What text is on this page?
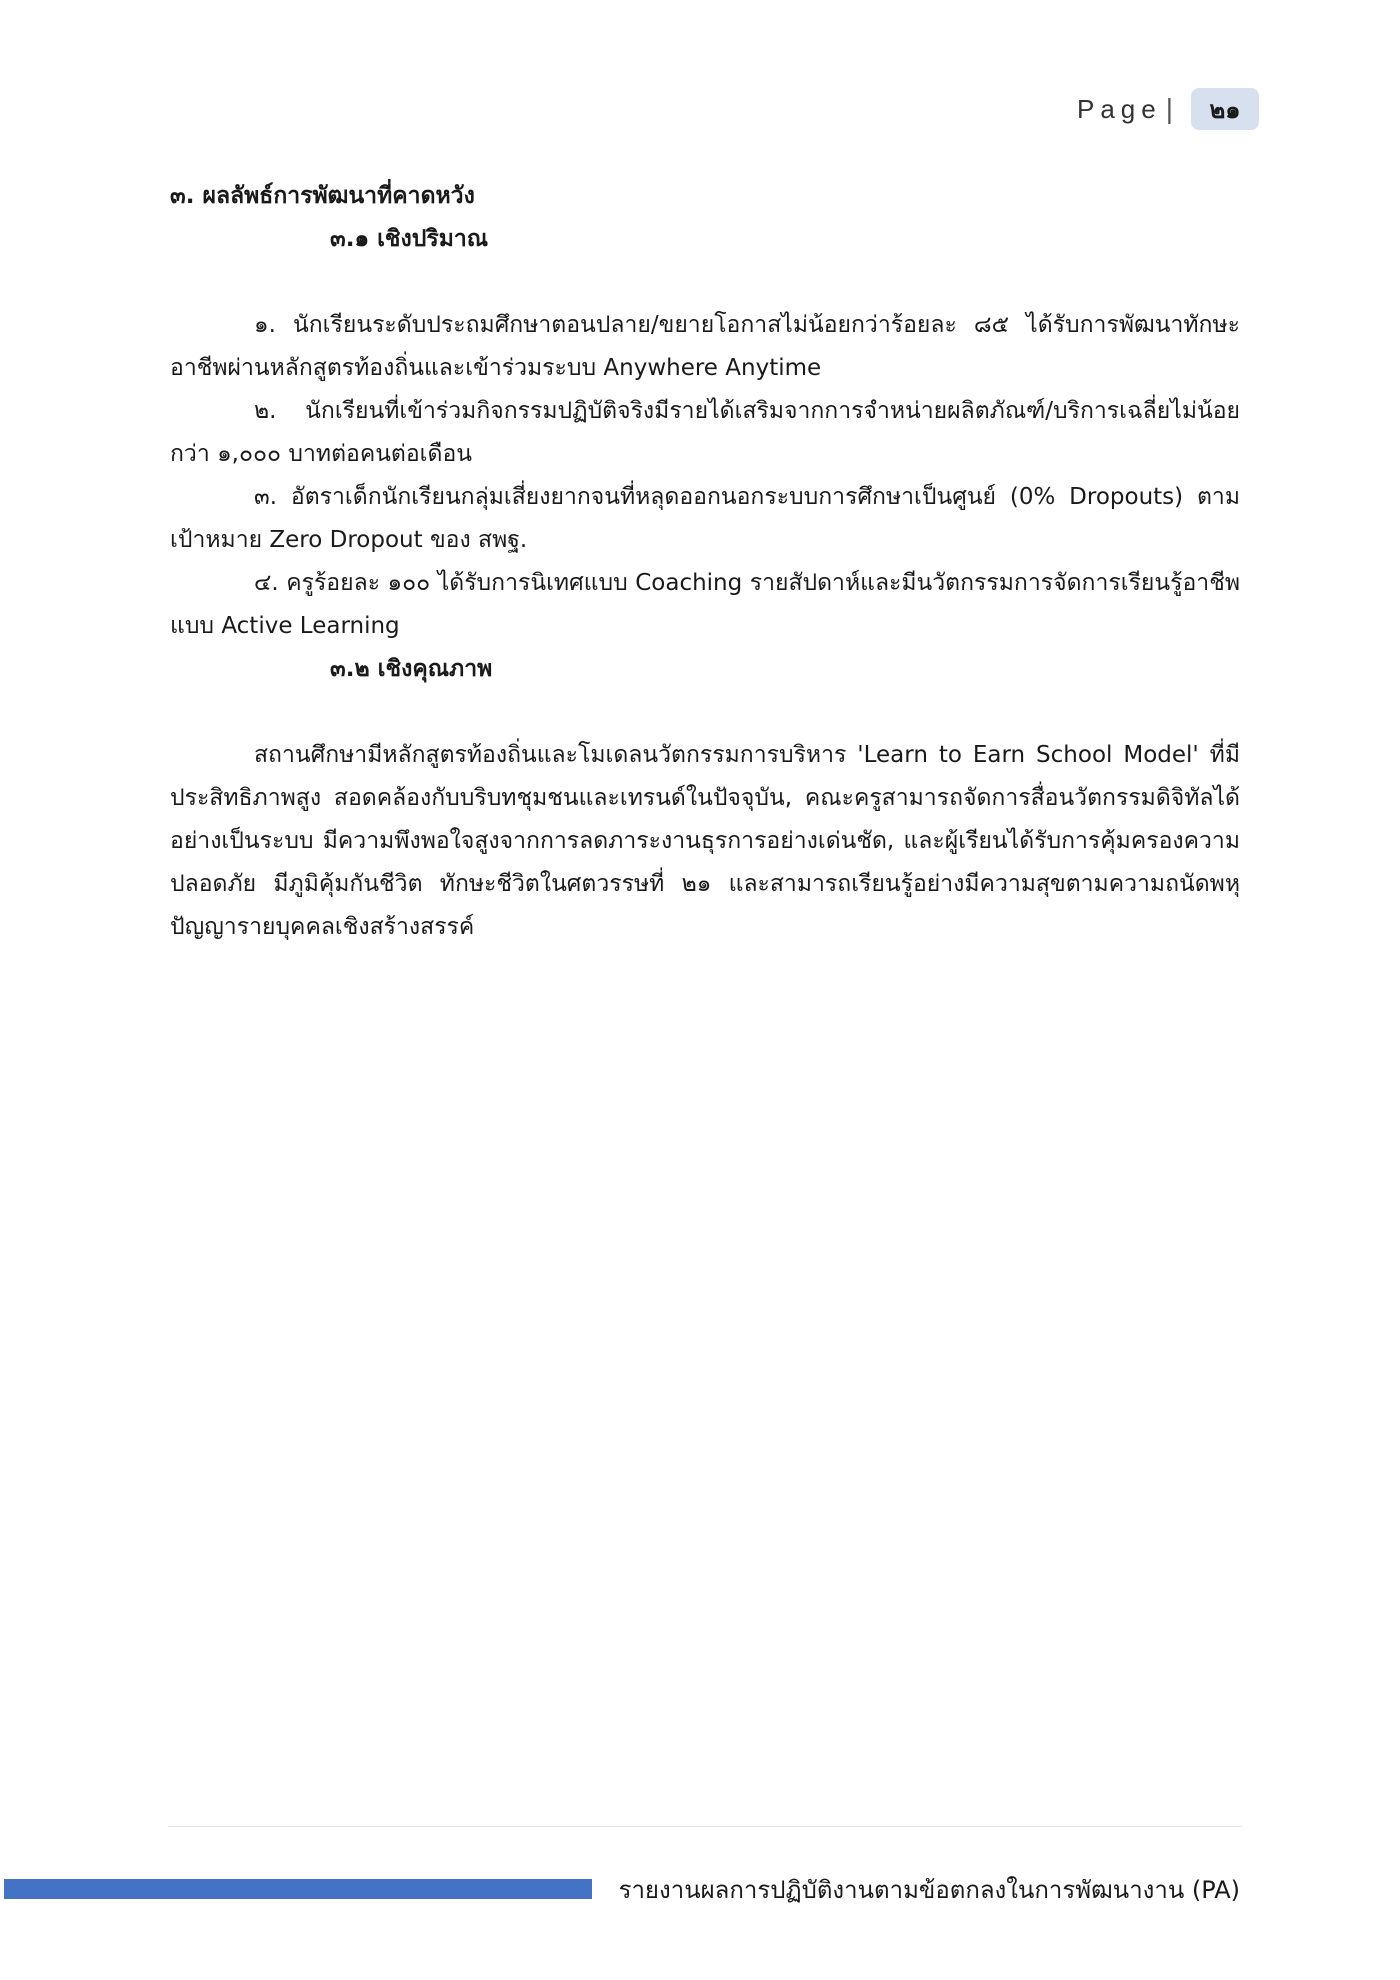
Page |	๒๑

๓. ผลลัพธ์การพัฒนาที่คาดหวัง

๓.๑ เชิงปริมาณ

๑. นักเรียนระดับประถมศึกษาตอนปลาย/ขยายโอกาสไม่น้อยกว่าร้อยละ ๘๕ ได้รับการพัฒนาทักษะอาชีพผ่านหลักสูตรท้องถิ่นและเข้าร่วมระบบ Anywhere Anytime

๒. นักเรียนที่เข้าร่วมกิจกรรมปฏิบัติจริงมีรายได้เสริมจากการจำหน่ายผลิตภัณฑ์/บริการเฉลี่ยไม่น้อยกว่า ๑,๐๐๐ บาทต่อคนต่อเดือน

๓. อัตราเด็กนักเรียนกลุ่มเสี่ยงยากจนที่หลุดออกนอกระบบการศึกษาเป็นศูนย์ (0% Dropouts) ตามเป้าหมาย Zero Dropout ของ สพฐ.

๔. ครูร้อยละ ๑๐๐ ได้รับการนิเทศแบบ Coaching รายสัปดาห์และมีนวัตกรรมการจัดการเรียนรู้อาชีพแบบ Active Learning

๓.๒ เชิงคุณภาพ

สถานศึกษามีหลักสูตรท้องถิ่นและโมเดลนวัตกรรมการบริหาร 'Learn to Earn School Model' ที่มีประสิทธิภาพสูง สอดคล้องกับบริบทชุมชนและเทรนด์ในปัจจุบัน, คณะครูสามารถจัดการสื่อนวัตกรรมดิจิทัลได้อย่างเป็นระบบ มีความพึงพอใจสูงจากการลดภาระงานธุรการอย่างเด่นชัด, และผู้เรียนได้รับการคุ้มครองความปลอดภัย มีภูมิคุ้มกันชีวิต ทักษะชีวิตในศตวรรษที่ ๒๑ และสามารถเรียนรู้อย่างมีความสุขตามความถนัดพหุปัญญารายบุคคลเชิงสร้างสรรค์

รายงานผลการปฏิบัติงานตามข้อตกลงในการพัฒนางาน (PA)
